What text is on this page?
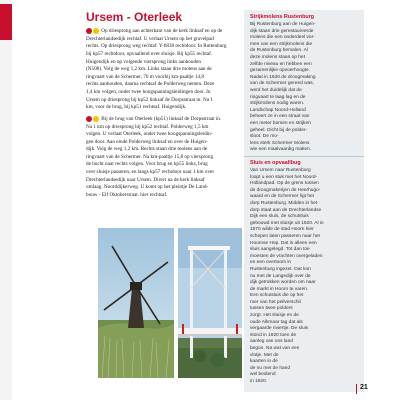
Ursem - Oterleek

Op driesprong aan achterkant van de kerk linksaf en op de

Drechterlandsedijk rechtaf. U verlaat Ursem op het gravelpad

rechts. Op driesprong weg rechtaf. Y-6838 rechtdoor. In Ruttenburg

bij kp57 rechtdoor, opvaallend over sluisje. Bij kp55 rechtaf.

Huigendijk en op volgende viersprong links aanhouden

(N508). Volg de weg 1,2 km. Links staan drie molens aan de

ringvaart van de Schermer, 70 m voorbij km-paaltje 14,8

rechts aanhouden, daarna rechtsaf de Polderweg nemen. Deze

1,4 km volgen, onder twee hoogspanningsleidingen door. In

Ursem op driesprong bij kp52 linksaf de Dorpsstraat in. Na 1

km, voor de brug, bij kp51 rechtsaf. Huigendijk.

Bij de brug van Oterleek (kp51) linksaf de Dorpsstraat in.

Na 1 km op driesprong bij kp52 rechtaf. Polderweg 1,5 km

volgen. U verlaat Oterleek, onder twee hoogspanningsleidin-

gen door. Aan einde Polderweg linksaf en over de Huigen-

dijk. Volg de weg 1,2 km. Rechts staan drie molens aan de

ringvaart van de Schermer. Na km-paaltje 15,8 op viersprong

de bocht naar rechts volgen. Voor brug en kp55 links, brug

over sluisje passeren, en langs kp57 rechtdoor naar 1 km over

Drechterlandsedijk naar Ursem. Direct na de kerk linksaf

omlaag. Noorddijkerweg. U komt op het pleintje De Land-

bouw - Elf Oktoberstraat. hier rechtsaf.

Strijkmolens Rustenburg

Bij Rustenburg aan de Huigen-

dijk staan drie gerestaureerde

molens die een onderdeel vor-

men van een strijkmolens die

de Rustenburg bemalen. Al

deze molens staan op het

zelfde niveau en hebben een

gezamenlijke opvoerhoogte.

Nadat in 1630 de droogmaking

van de Schermer gereed was,

werd het duidelijk dat de

ringvaart te laag lag en de

strijkmolens nodig waren.

Landschap Noord-Holland

beheert ze in een straat van

een meter bomen en strijken

geheel. Dicht bij de polder-

sloot. De mo-

lens sterk Schermer Molens

wie een maalvaardig maken.

Sluis en opvaallbug

Van Ursem naar Rustenburg

loopt u een stuk met het Noord-

Hollandpad. Op de grens tussen

de droogmakerijen de Heerhugo-

waard en de Schermer ligt het

dorp Rustenburg. Midden in het

dorp staat aan de Drechterlandse

Dijk een sluis, de schutsluis

gebouwd met sluisje uit 1920. Al in

1570 wilde de stad Hoorn hier

schepen laten passeren naar het

Hoornse Hop. Dat is alleen een

sluis aangelegd. Tot dan toe

moesten de vrachten overgeladen

en een overtoom in

Rustenburg ingezet. Dat kon

nu met de Langedijk over de

dijk getrokken worden om naar

de markt in Hoorn te varen.

Een schutsluis die op het

roer van het peilverschil

tussen twee polders

zorgt. Het sluisje en de

oude Alkmaar tag dat als

vergaarde riviertje. De sluis

stond in 1920 toen de

aanleg van ons land

begon. Na wat van een

vlotje. Met de

kaarten in de

de nu met de hand

wel bediend

in 1920.

21
